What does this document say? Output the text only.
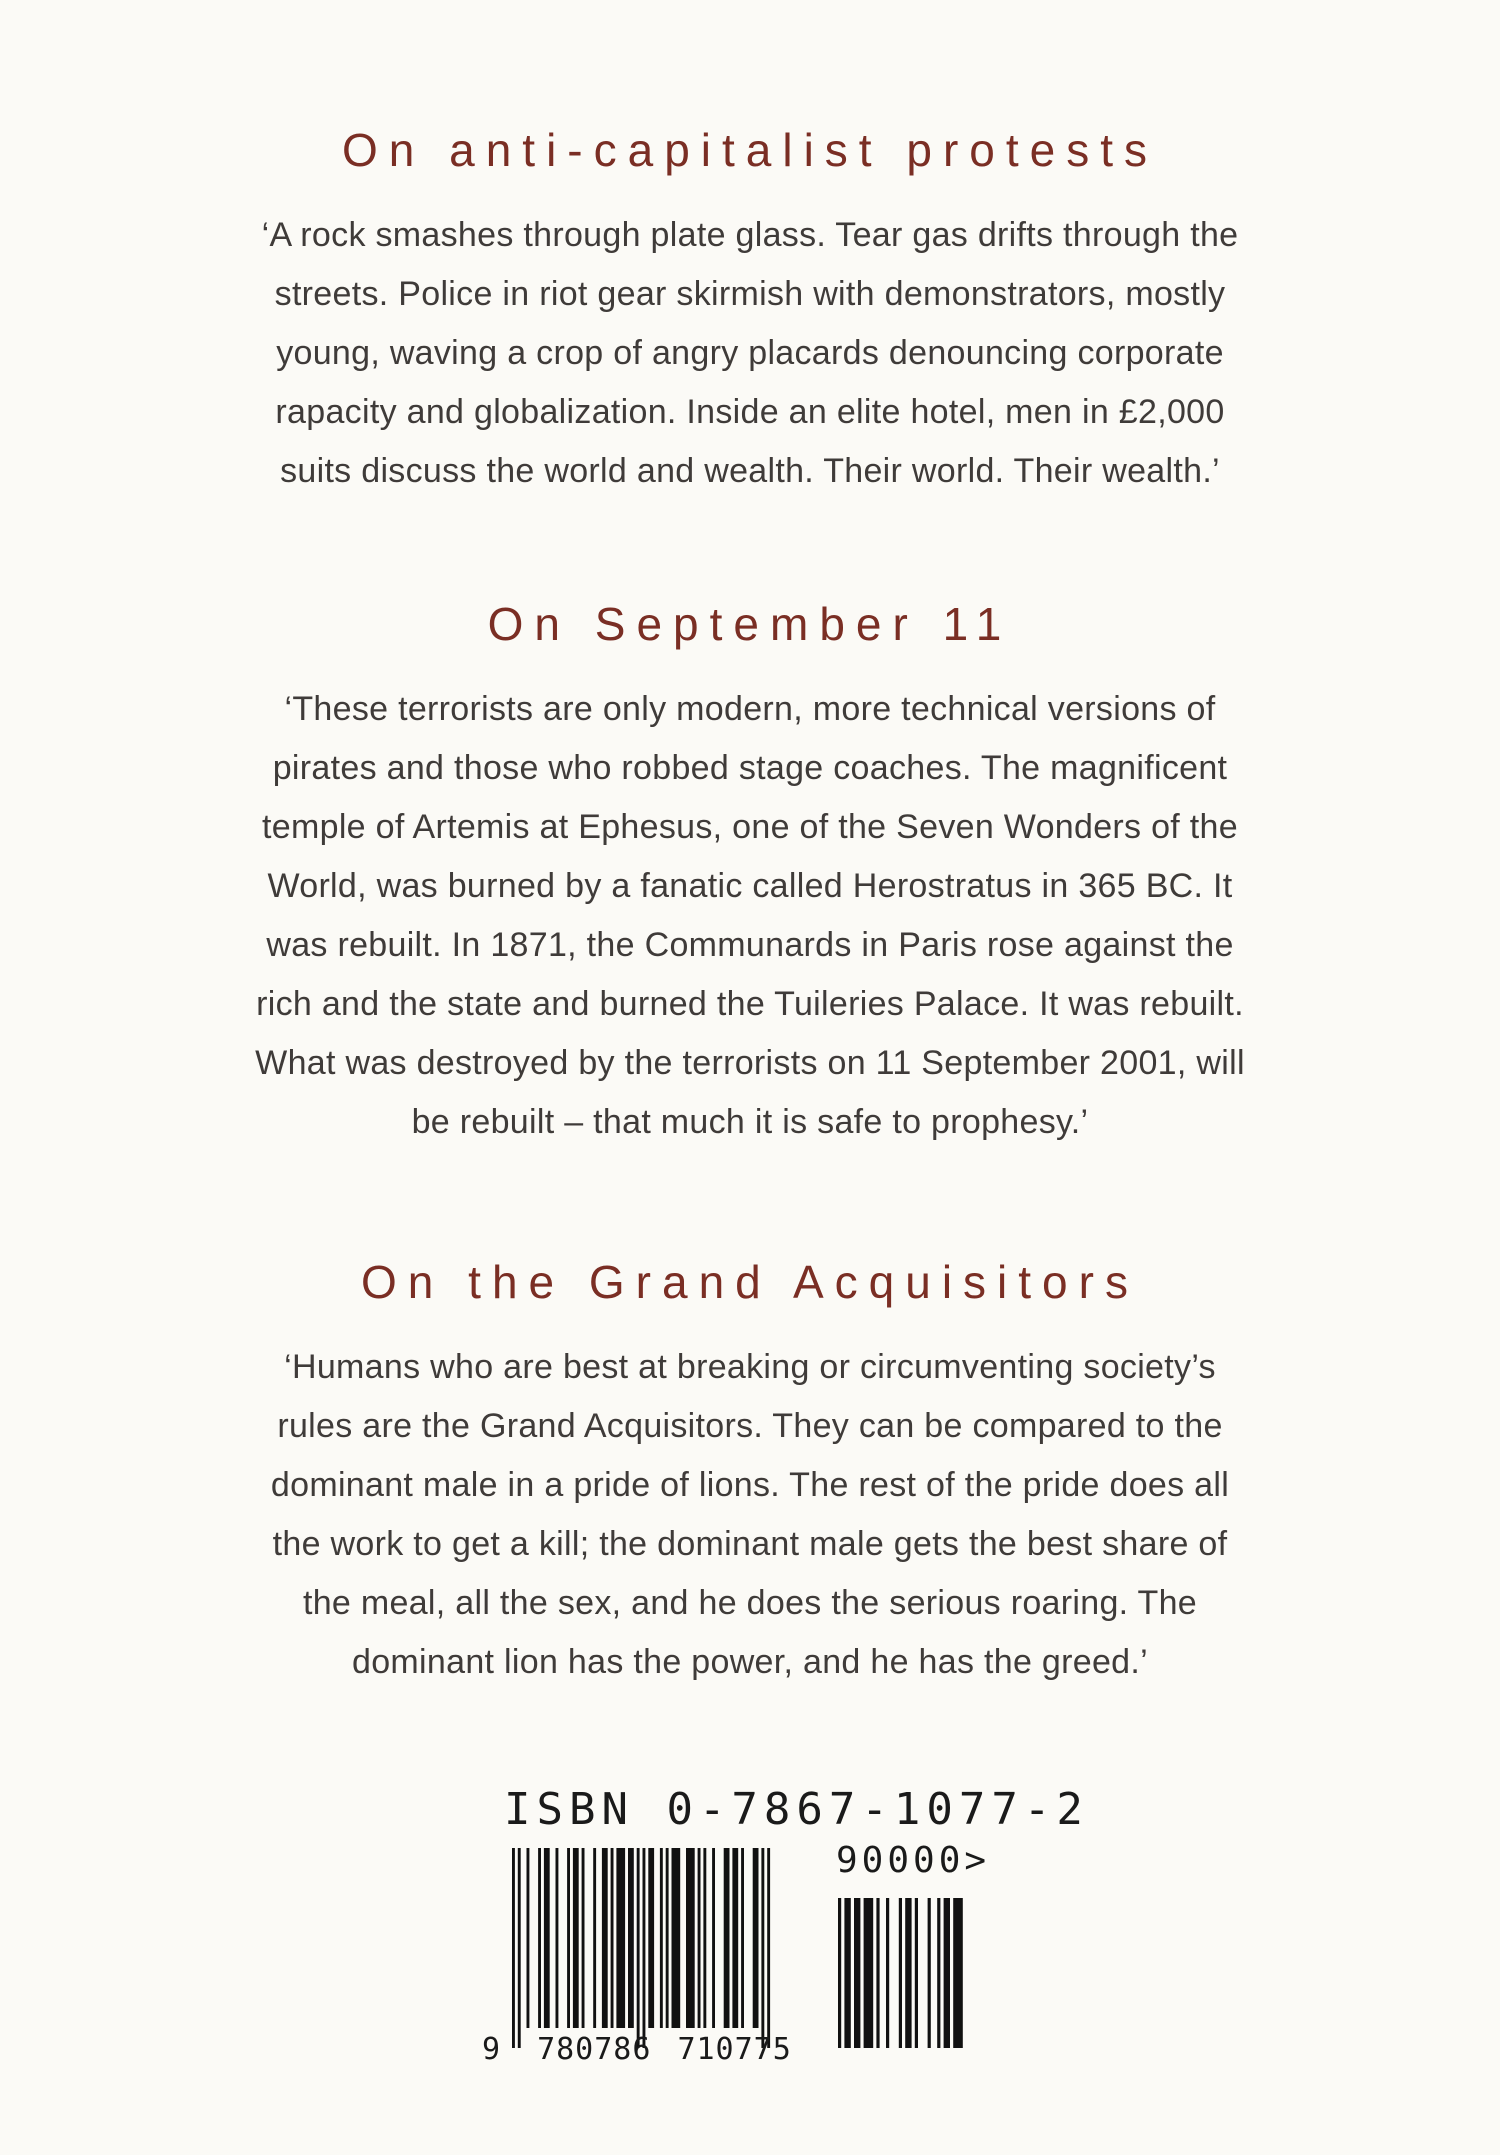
On anti-capitalist protests
‘A rock smashes through plate glass. Tear gas drifts through the
streets. Police in riot gear skirmish with demonstrators, mostly
young, waving a crop of angry placards denouncing corporate
rapacity and globalization. Inside an elite hotel, men in £2,000
suits discuss the world and wealth. Their world. Their wealth.’
On September 11
‘These terrorists are only modern, more technical versions of
pirates and those who robbed stage coaches. The magnificent
temple of Artemis at Ephesus, one of the Seven Wonders of the
World, was burned by a fanatic called Herostratus in 365 BC. It
was rebuilt. In 1871, the Communards in Paris rose against the
rich and the state and burned the Tuileries Palace. It was rebuilt.
What was destroyed by the terrorists on 11 September 2001, will
be rebuilt – that much it is safe to prophesy.’
On the Grand Acquisitors
‘Humans who are best at breaking or circumventing society’s
rules are the Grand Acquisitors. They can be compared to the
dominant male in a pride of lions. The rest of the pride does all
the work to get a kill; the dominant male gets the best share of
the meal, all the sex, and he does the serious roaring. The
dominant lion has the power, and he has the greed.’
ISBN 0-7867-1077-2
90000>
9 780786 710775
